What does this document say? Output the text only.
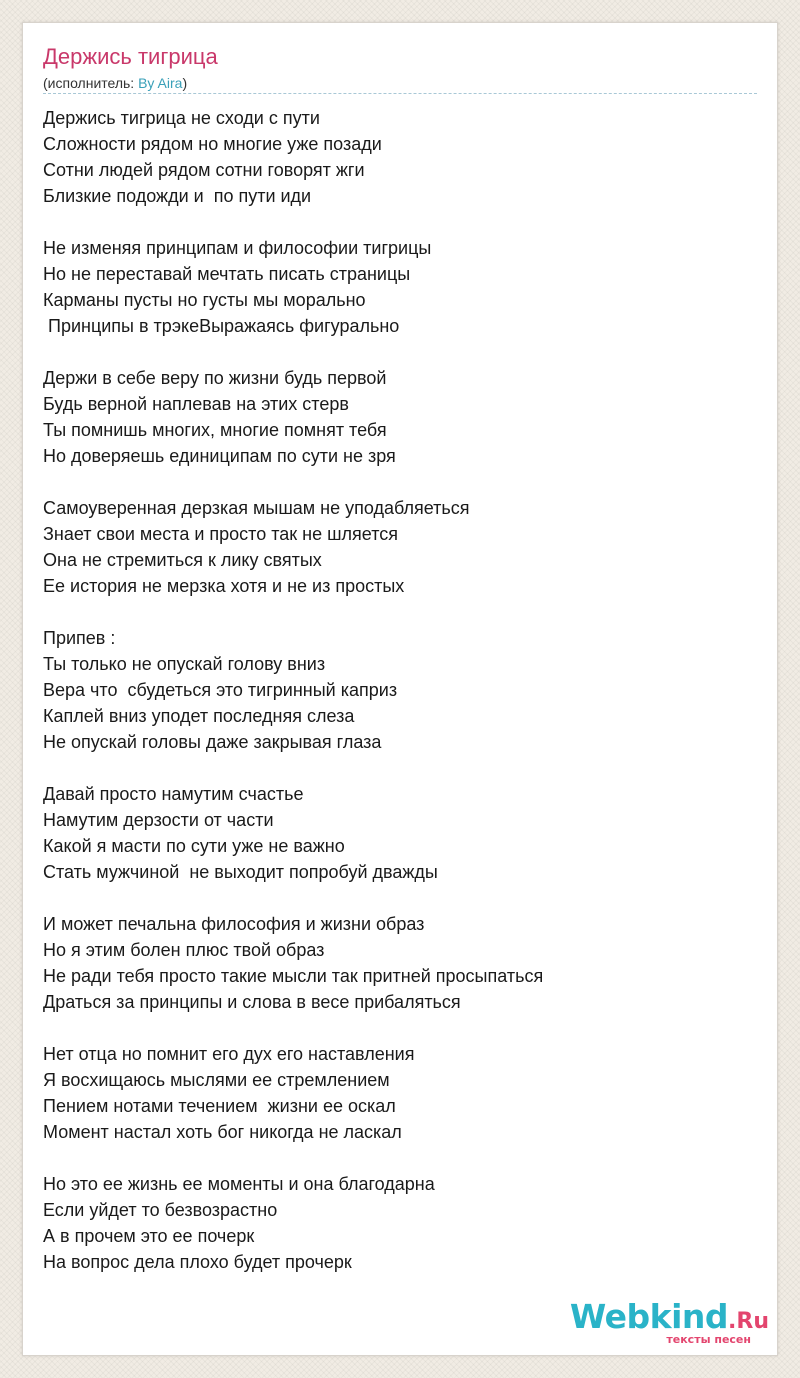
Держись тигрица
(исполнитель: By Aira)
Держись тигрица не сходи с пути
Сложности рядом но многие уже позади
Сотни людей рядом сотни говорят жги
Близкие подожди и  по пути иди
Не изменяя принципам и философии тигрицы
Но не переставай мечтать писать страницы
Карманы пусты но густы мы морально
Принципы в трэкеВыражаясь фигурально
Держи в себе веру по жизни будь первой
Будь верной наплевав на этих стерв
Ты помнишь многих, многие помнят тебя
Но доверяешь единиципам по сути не зря
Самоуверенная дерзкая мышам не уподабляеться
Знает свои места и просто так не шляется
Она не стремиться к лику святых
Ее история не мерзка хотя и не из простых
Припев :
Ты только не опускай голову вниз
Вера что  сбудеться это тигринный каприз
Каплей вниз уподет последняя слеза
Не опускай головы даже закрывая глаза
Давай просто намутим счастье
Намутим дерзости от части
Какой я масти по сути уже не важно
Стать мужчиной  не выходит попробуй дважды
И может печальна философия и жизни образ
Но я этим болен плюс твой образ
Не ради тебя просто такие мысли так притней просыпаться
Драться за принципы и слова в весе прибаляться
Нет отца но помнит его дух его наставления
Я восхищаюсь мыслями ее стремлением
Пением нотами течением  жизни ее оскал
Момент настал хоть бог никогда не ласкал
Но это ее жизнь ее моменты и она благодарна
Если уйдет то безвозрастно
А в прочем это ее почерк
На вопрос дела плохо будет прочерк
Webkind.Ru
тексты песен
